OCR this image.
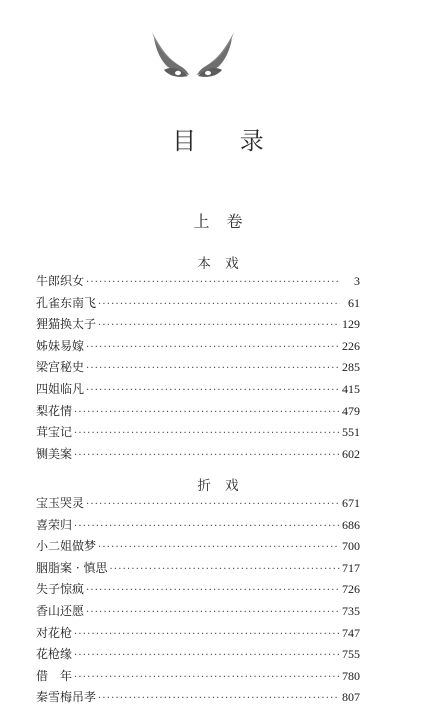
目 录
上 卷
本 戏
牛郎织女 ·····	3
孔雀东南飞 ·····	61
狸猫换太子 ·····	129
姊妹易嫁 ·····	226
梁宫秘史 ·····	285
四姐临凡 ·····	415
梨花情 ·····	479
茸宝记 ·····	551
铡美案 ·····	602
折 戏
宝玉哭灵 ·····	671
喜荣归 ·····	686
小二姐做梦 ·····	700
胭脂案 · 慎思 ·····	717
失子惊疯 ·····	726
香山还愿 ·····	735
对花枪 ·····	747
花枪缘 ·····	755
借　年 ·····	780
秦雪梅吊孝 ·····	807
